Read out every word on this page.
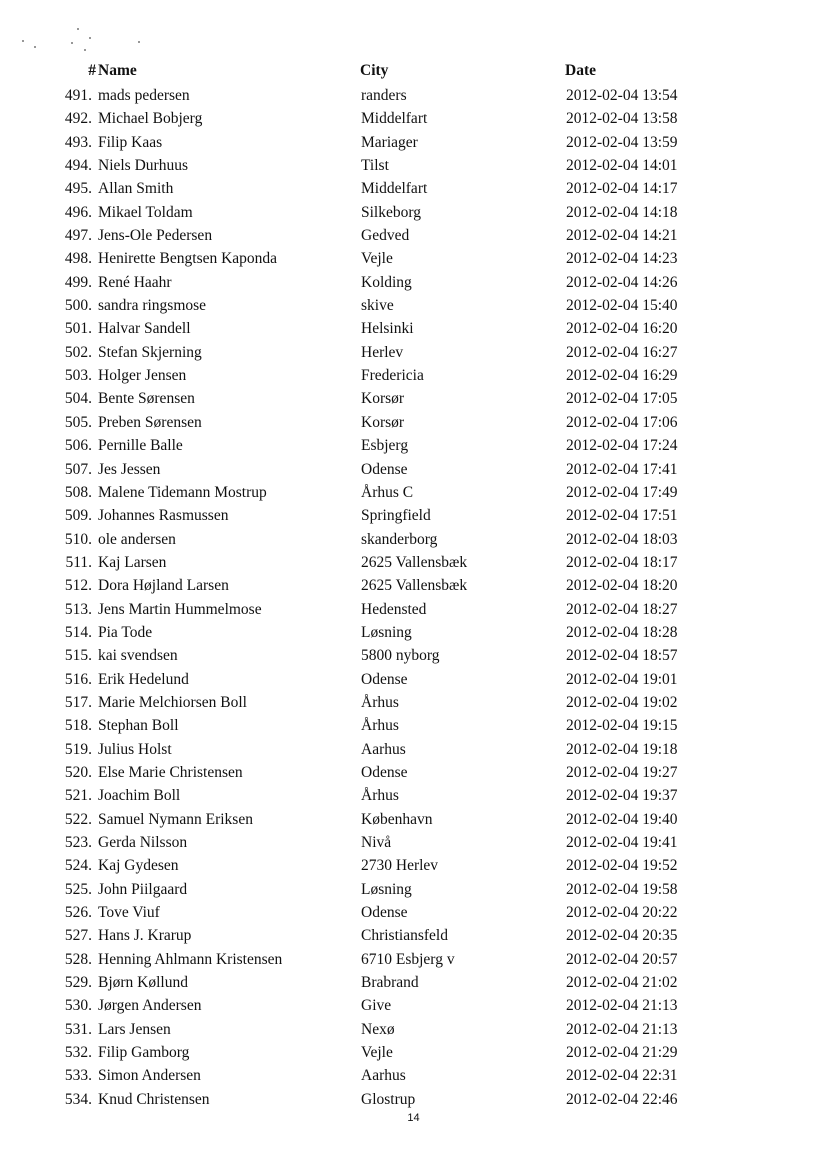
# Name	City	Date
491. mads pedersen	randers	2012-02-04 13:54
492. Michael Bobjerg	Middelfart	2012-02-04 13:58
493. Filip Kaas	Mariager	2012-02-04 13:59
494. Niels Durhuus	Tilst	2012-02-04 14:01
495. Allan Smith	Middelfart	2012-02-04 14:17
496. Mikael Toldam	Silkeborg	2012-02-04 14:18
497. Jens-Ole Pedersen	Gedved	2012-02-04 14:21
498. Henirette Bengtsen Kaponda	Vejle	2012-02-04 14:23
499. René Haahr	Kolding	2012-02-04 14:26
500. sandra ringsmose	skive	2012-02-04 15:40
501. Halvar Sandell	Helsinki	2012-02-04 16:20
502. Stefan Skjerning	Herlev	2012-02-04 16:27
503. Holger Jensen	Fredericia	2012-02-04 16:29
504. Bente Sørensen	Korsør	2012-02-04 17:05
505. Preben Sørensen	Korsør	2012-02-04 17:06
506. Pernille Balle	Esbjerg	2012-02-04 17:24
507. Jes Jessen	Odense	2012-02-04 17:41
508. Malene Tidemann Mostrup	Århus C	2012-02-04 17:49
509. Johannes Rasmussen	Springfield	2012-02-04 17:51
510. ole andersen	skanderborg	2012-02-04 18:03
511. Kaj Larsen	2625 Vallensbæk	2012-02-04 18:17
512. Dora Højland Larsen	2625 Vallensbæk	2012-02-04 18:20
513. Jens Martin Hummelmose	Hedensted	2012-02-04 18:27
514. Pia Tode	Løsning	2012-02-04 18:28
515. kai svendsen	5800 nyborg	2012-02-04 18:57
516. Erik Hedelund	Odense	2012-02-04 19:01
517. Marie Melchiorsen Boll	Århus	2012-02-04 19:02
518. Stephan Boll	Århus	2012-02-04 19:15
519. Julius Holst	Aarhus	2012-02-04 19:18
520. Else Marie Christensen	Odense	2012-02-04 19:27
521. Joachim Boll	Århus	2012-02-04 19:37
522. Samuel Nymann Eriksen	København	2012-02-04 19:40
523. Gerda Nilsson	Nivå	2012-02-04 19:41
524. Kaj Gydesen	2730 Herlev	2012-02-04 19:52
525. John Piilgaard	Løsning	2012-02-04 19:58
526. Tove Viuf	Odense	2012-02-04 20:22
527. Hans J. Krarup	Christiansfeld	2012-02-04 20:35
528. Henning Ahlmann Kristensen	6710 Esbjerg v	2012-02-04 20:57
529. Bjørn Køllund	Brabrand	2012-02-04 21:02
530. Jørgen Andersen	Give	2012-02-04 21:13
531. Lars Jensen	Nexø	2012-02-04 21:13
532. Filip Gamborg	Vejle	2012-02-04 21:29
533. Simon Andersen	Aarhus	2012-02-04 22:31
534. Knud Christensen	Glostrup	2012-02-04 22:46
14
